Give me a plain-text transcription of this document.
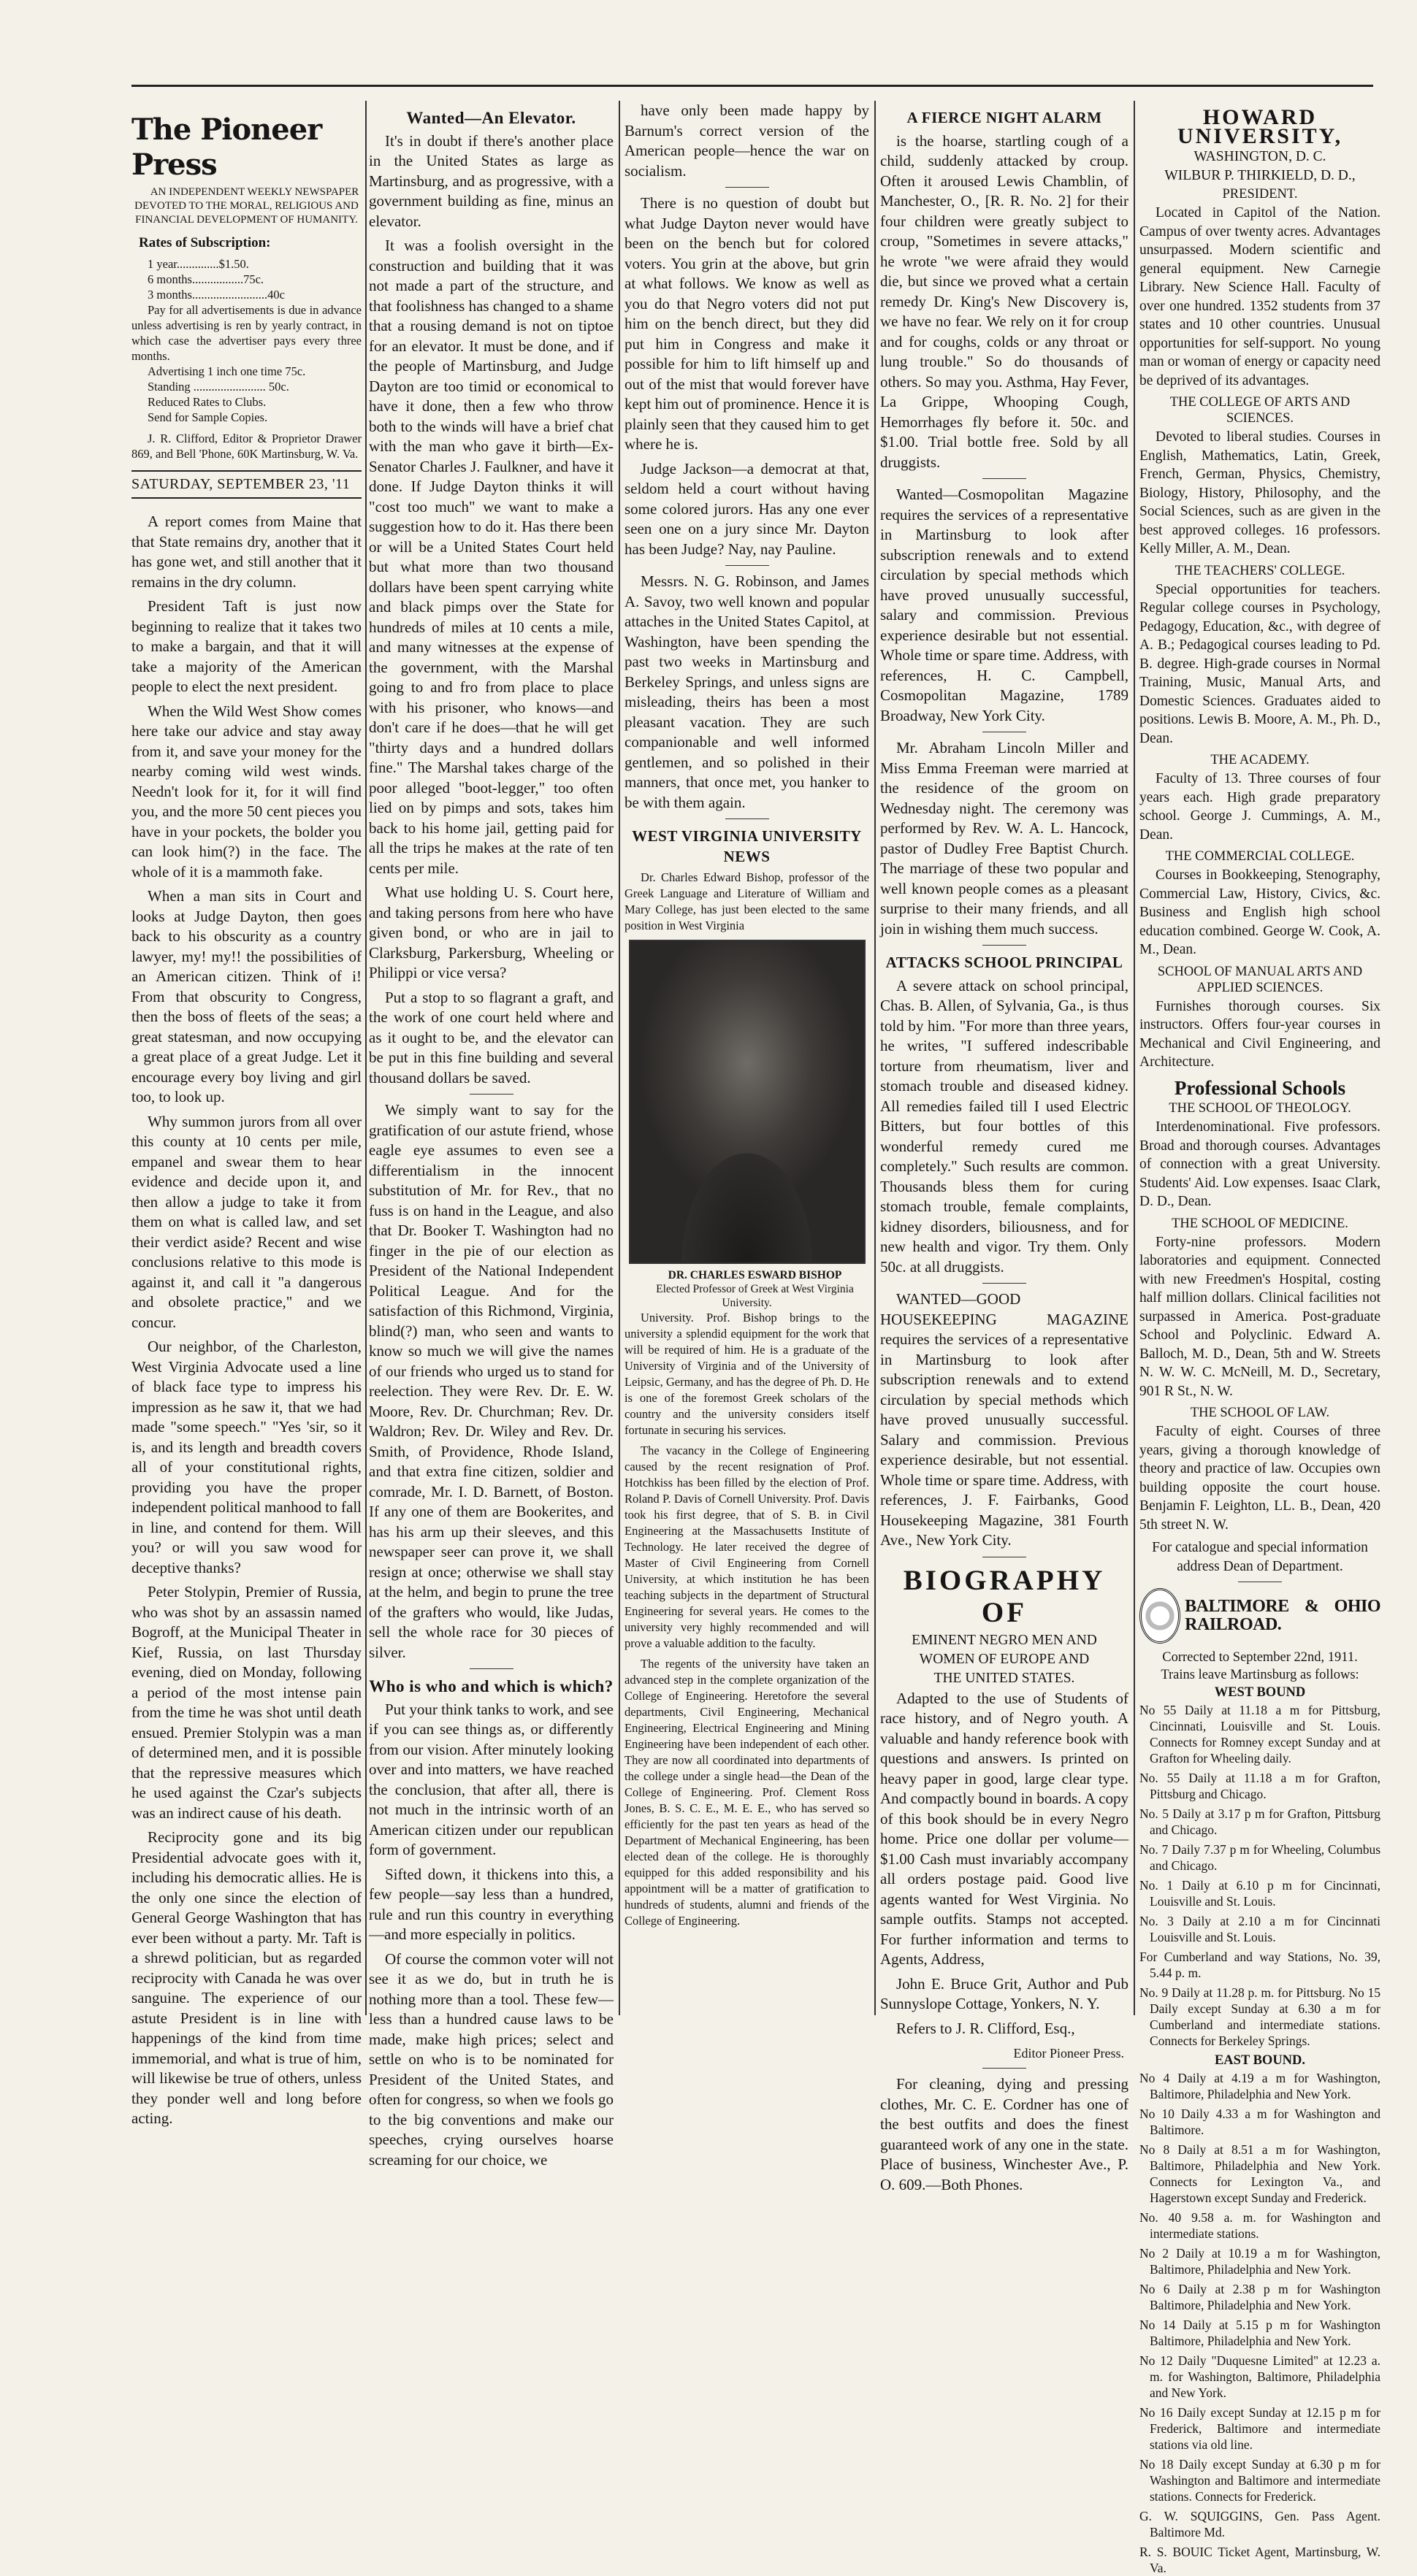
The Pioneer Press

AN INDEPENDENT WEEKLY NEWSPAPER DEVOTED TO THE MORAL, RELIGIOUS AND FINANCIAL DEVELOPMENT OF HUMANITY.

Rates of Subscription:

1 year..............$1.50.

6 months.................75c.

3 months.........................40c

Pay for all advertisements is due in advance unless advertising is ren by yearly contract, in which case the advertiser pays every three months.

Advertising 1 inch one time 75c.

Standing ........................ 50c.

Reduced Rates to Clubs.

Send for Sample Copies.

J. R. Clifford, Editor & Proprietor Drawer 869, and Bell 'Phone, 60K Martinsburg, W. Va.

SATURDAY, SEPTEMBER 23, '11

A report comes from Maine that that State remains dry, another that it has gone wet, and still another that it remains in the dry column.

President Taft is just now beginning to realize that it takes two to make a bargain, and that it will take a majority of the American people to elect the next president.

When the Wild West Show comes here take our advice and stay away from it, and save your money for the nearby coming wild west winds. Needn't look for it, for it will find you, and the more 50 cent pieces you have in your pockets, the bolder you can look him(?) in the face. The whole of it is a mammoth fake.

When a man sits in Court and looks at Judge Dayton, then goes back to his obscurity as a country lawyer, my! my!! the possibilities of an American citizen. Think of i! From that obscurity to Congress, then the boss of fleets of the seas; a great statesman, and now occupying a great place of a great Judge. Let it encourage every boy living and girl too, to look up.

Why summon jurors from all over this county at 10 cents per mile, empanel and swear them to hear evidence and decide upon it, and then allow a judge to take it from them on what is called law, and set their verdict aside? Recent and wise conclusions relative to this mode is against it, and call it "a dangerous and obsolete practice," and we concur.

Our neighbor, of the Charleston, West Virginia Advocate used a line of black face type to impress his impression as he saw it, that we had made "some speech." "Yes 'sir, so it is, and its length and breadth covers all of your constitutional rights, providing you have the proper independent political manhood to fall in line, and contend for them. Will you? or will you saw wood for deceptive thanks?

Peter Stolypin, Premier of Russia, who was shot by an assassin named Bogroff, at the Municipal Theater in Kief, Russia, on last Thursday evening, died on Monday, following a period of the most intense pain from the time he was shot until death ensued. Premier Stolypin was a man of determined men, and it is possible that the repressive measures which he used against the Czar's subjects was an indirect cause of his death.

Reciprocity gone and its big Presidential advocate goes with it, including his democratic allies. He is the only one since the election of General George Washington that has ever been without a party. Mr. Taft is a shrewd politician, but as regarded reciprocity with Canada he was over sanguine. The experience of our astute President is in line with happenings of the kind from time immemorial, and what is true of him, will likewise be true of others, unless they ponder well and long before acting.

Wanted—An Elevator.

It's in doubt if there's another place in the United States as large as Martinsburg, and as progressive, with a government building as fine, minus an elevator.

It was a foolish oversight in the construction and building that it was not made a part of the structure, and that foolishness has changed to a shame that a rousing demand is not on tiptoe for an elevator. It must be done, and if the people of Martinsburg, and Judge Dayton are too timid or economical to have it done, then a few who throw both to the winds will have a brief chat with the man who gave it birth—Ex-Senator Charles J. Faulkner, and have it done. If Judge Dayton thinks it will "cost too much" we want to make a suggestion how to do it. Has there been or will be a United States Court held but what more than two thousand dollars have been spent carrying white and black pimps over the State for hundreds of miles at 10 cents a mile, and many witnesses at the expense of the government, with the Marshal going to and fro from place to place with his prisoner, who knows—and don't care if he does—that he will get "thirty days and a hundred dollars fine." The Marshal takes charge of the poor alleged "boot-legger," too often lied on by pimps and sots, takes him back to his home jail, getting paid for all the trips he makes at the rate of ten cents per mile.

What use holding U. S. Court here, and taking persons from here who have given bond, or who are in jail to Clarksburg, Parkersburg, Wheeling or Philippi or vice versa?

Put a stop to so flagrant a graft, and the work of one court held where and as it ought to be, and the elevator can be put in this fine building and several thousand dollars be saved.

We simply want to say for the gratification of our astute friend, whose eagle eye assumes to even see a differentialism in the innocent substitution of Mr. for Rev., that no fuss is on hand in the League, and also that Dr. Booker T. Washington had no finger in the pie of our election as President of the National Independent Political League. And for the satisfaction of this Richmond, Virginia, blind(?) man, who seen and wants to know so much we will give the names of our friends who urged us to stand for reelection. They were Rev. Dr. E. W. Moore, Rev. Dr. Churchman; Rev. Dr. Waldron; Rev. Dr. Wiley and Rev. Dr. Smith, of Providence, Rhode Island, and that extra fine citizen, soldier and comrade, Mr. I. D. Barnett, of Boston. If any one of them are Bookerites, and has his arm up their sleeves, and this newspaper seer can prove it, we shall resign at once; otherwise we shall stay at the helm, and begin to prune the tree of the grafters who would, like Judas, sell the whole race for 30 pieces of silver.

Who is who and which is which?

Put your think tanks to work, and see if you can see things as, or differently from our vision. After minutely looking over and into matters, we have reached the conclusion, that after all, there is not much in the intrinsic worth of an American citizen under our republican form of government.

Sifted down, it thickens into this, a few people—say less than a hundred, rule and run this country in everything—and more especially in politics.

Of course the common voter will not see it as we do, but in truth he is nothing more than a tool. These few—less than a hundred cause laws to be made, make high prices; select and settle on who is to be nominated for President of the United States, and often for congress, so when we fools go to the big conventions and make our speeches, crying ourselves hoarse screaming for our choice, we

have only been made happy by Barnum's correct version of the American people—hence the war on socialism.

There is no question of doubt but what Judge Dayton never would have been on the bench but for colored voters. You grin at the above, but grin at what follows. We know as well as you do that Negro voters did not put him on the bench direct, but they did put him in Congress and make it possible for him to lift himself up and out of the mist that would forever have kept him out of prominence. Hence it is plainly seen that they caused him to get where he is.

Judge Jackson—a democrat at that, seldom held a court without having some colored jurors. Has any one ever seen one on a jury since Mr. Dayton has been Judge? Nay, nay Pauline.

Messrs. N. G. Robinson, and James A. Savoy, two well known and popular attaches in the United States Capitol, at Washington, have been spending the past two weeks in Martinsburg and Berkeley Springs, and unless signs are misleading, theirs has been a most pleasant vacation. They are such companionable and well informed gentlemen, and so polished in their manners, that once met, you hanker to be with them again.

WEST VIRGINIA UNIVERSITY NEWS

Dr. Charles Edward Bishop, professor of the Greek Language and Literature of William and Mary College, has just been elected to the same position in West Virginia

DR. CHARLES ESWARD BISHOP

Elected Professor of Greek at West Virginia University.

University. Prof. Bishop brings to the university a splendid equipment for the work that will be required of him. He is a graduate of the University of Virginia and of the University of Leipsic, Germany, and has the degree of Ph. D. He is one of the foremost Greek scholars of the country and the university considers itself fortunate in securing his services.

The vacancy in the College of Engineering caused by the recent resignation of Prof. Hotchkiss has been filled by the election of Prof. Roland P. Davis of Cornell University. Prof. Davis took his first degree, that of S. B. in Civil Engineering at the Massachusetts Institute of Technology. He later received the degree of Master of Civil Engineering from Cornell University, at which institution he has been teaching subjects in the department of Structural Engineering for several years. He comes to the university very highly recommended and will prove a valuable addition to the faculty.

The regents of the university have taken an advanced step in the complete organization of the College of Engineering. Heretofore the several departments, Civil Engineering, Mechanical Engineering, Electrical Engineering and Mining Engineering have been independent of each other. They are now all coordinated into departments of the college under a single head—the Dean of the College of Engineering. Prof. Clement Ross Jones, B. S. C. E., M. E. E., who has served so efficiently for the past ten years as head of the Department of Mechanical Engineering, has been elected dean of the college. He is thoroughly equipped for this added responsibility and his appointment will be a matter of gratification to hundreds of students, alumni and friends of the College of Engineering.

A FIERCE NIGHT ALARM

is the hoarse, startling cough of a child, suddenly attacked by croup. Often it aroused Lewis Chamblin, of Manchester, O., [R. R. No. 2] for their four children were greatly subject to croup, "Sometimes in severe attacks," he wrote "we were afraid they would die, but since we proved what a certain remedy Dr. King's New Discovery is, we have no fear. We rely on it for croup and for coughs, colds or any throat or lung trouble." So do thousands of others. So may you. Asthma, Hay Fever, La Grippe, Whooping Cough, Hemorrhages fly before it. 50c. and $1.00. Trial bottle free. Sold by all druggists.

Wanted—Cosmopolitan Magazine requires the services of a representative in Martinsburg to look after subscription renewals and to extend circulation by special methods which have proved unusually successful, salary and commission. Previous experience desirable but not essential. Whole time or spare time. Address, with references, H. C. Campbell, Cosmopolitan Magazine, 1789 Broadway, New York City.

Mr. Abraham Lincoln Miller and Miss Emma Freeman were married at the residence of the groom on Wednesday night. The ceremony was performed by Rev. W. A. L. Hancock, pastor of Dudley Free Baptist Church. The marriage of these two popular and well known people comes as a pleasant surprise to their many friends, and all join in wishing them much success.

ATTACKS SCHOOL PRINCIPAL

A severe attack on school principal, Chas. B. Allen, of Sylvania, Ga., is thus told by him. "For more than three years, he writes, "I suffered indescribable torture from rheumatism, liver and stomach trouble and diseased kidney. All remedies failed till I used Electric Bitters, but four bottles of this wonderful remedy cured me completely." Such results are common. Thousands bless them for curing stomach trouble, female complaints, kidney disorders, biliousness, and for new health and vigor. Try them. Only 50c. at all druggists.

WANTED—GOOD HOUSEKEEPING MAGAZINE requires the services of a representative in Martinsburg to look after subscription renewals and to extend circulation by special methods which have proved unusually successful. Salary and commission. Previous experience desirable, but not essential. Whole time or spare time. Address, with references, J. F. Fairbanks, Good Housekeeping Magazine, 381 Fourth Ave., New York City.

BIOGRAPHY OF
EMINENT NEGRO MEN AND
WOMEN OF EUROPE AND
THE UNITED STATES.

Adapted to the use of Students of race history, and of Negro youth. A valuable and handy reference book with questions and answers. Is printed on heavy paper in good, large clear type. And compactly bound in boards. A copy of this book should be in every Negro home. Price one dollar per volume—$1.00 Cash must invariably accompany all orders postage paid. Good live agents wanted for West Virginia. No sample outfits. Stamps not accepted. For further information and terms to Agents, Address,

John E. Bruce Grit, Author and Pub Sunnyslope Cottage, Yonkers, N. Y.

Refers to J. R. Clifford, Esq.,

Editor Pioneer Press.

For cleaning, dying and pressing clothes, Mr. C. E. Cordner has one of the best outfits and does the finest guaranteed work of any one in the state. Place of business, Winchester Ave., P. O. 609.—Both Phones.

HOWARD UNIVERSITY,
WASHINGTON, D. C.
WILBUR P. THIRKIELD, D. D.,
PRESIDENT.

Located in Capitol of the Nation. Campus of over twenty acres. Advantages unsurpassed. Modern scientific and general equipment. New Carnegie Library. New Science Hall. Faculty of over one hundred. 1352 students from 37 states and 10 other countries. Unusual opportunities for self-support. No young man or woman of energy or capacity need be deprived of its advantages.

THE COLLEGE OF ARTS AND SCIENCES.

Devoted to liberal studies. Courses in English, Mathematics, Latin, Greek, French, German, Physics, Chemistry, Biology, History, Philosophy, and the Social Sciences, such as are given in the best approved colleges. 16 professors. Kelly Miller, A. M., Dean.

THE TEACHERS' COLLEGE.

Special opportunities for teachers. Regular college courses in Psychology, Pedagogy, Education, &c., with degree of A. B.; Pedagogical courses leading to Pd. B. degree. High-grade courses in Normal Training, Music, Manual Arts, and Domestic Sciences. Graduates aided to positions. Lewis B. Moore, A. M., Ph. D., Dean.

THE ACADEMY.

Faculty of 13. Three courses of four years each. High grade preparatory school. George J. Cummings, A. M., Dean.

THE COMMERCIAL COLLEGE.

Courses in Bookkeeping, Stenography, Commercial Law, History, Civics, &c. Business and English high school education combined. George W. Cook, A. M., Dean.

SCHOOL OF MANUAL ARTS AND APPLIED SCIENCES.

Furnishes thorough courses. Six instructors. Offers four-year courses in Mechanical and Civil Engineering, and Architecture.

Professional Schools
THE SCHOOL OF THEOLOGY.

Interdenominational. Five professors. Broad and thorough courses. Advantages of connection with a great University. Students' Aid. Low expenses. Isaac Clark, D. D., Dean.

THE SCHOOL OF MEDICINE.

Forty-nine professors. Modern laboratories and equipment. Connected with new Freedmen's Hospital, costing half million dollars. Clinical facilities not surpassed in America. Post-graduate School and Polyclinic. Edward A. Balloch, M. D., Dean, 5th and W. Streets N. W. W. C. McNeill, M. D., Secretary, 901 R St., N. W.

THE SCHOOL OF LAW.

Faculty of eight. Courses of three years, giving a thorough knowledge of theory and practice of law. Occupies own building opposite the court house. Benjamin F. Leighton, LL. B., Dean, 420 5th street N. W.

For catalogue and special information address Dean of Department.

BALTIMORE & OHIO RAILROAD.
Corrected to September 22nd, 1911.
Trains leave Martinsburg as follows:
WEST BOUND

No 55 Daily at 11.18 a m for Pittsburg, Cincinnati, Louisville and St. Louis. Connects for Romney except Sunday and at Grafton for Wheeling daily.

No. 55 Daily at 11.18 a m for Grafton, Pittsburg and Chicago.

No. 5 Daily at 3.17 p m for Grafton, Pittsburg and Chicago.

No. 7 Daily 7.37 p m for Wheeling, Columbus and Chicago.

No. 1 Daily at 6.10 p m for Cincinnati, Louisville and St. Louis.

No. 3 Daily at 2.10 a m for Cincinnati Louisville and St. Louis.

For Cumberland and way Stations, No. 39, 5.44 p. m.

No. 9 Daily at 11.28 p. m. for Pittsburg. No 15 Daily except Sunday at 6.30 a m for Cumberland and intermediate stations. Connects for Berkeley Springs.

EAST BOUND.

No 4 Daily at 4.19 a m for Washington, Baltimore, Philadelphia and New York.

No 10 Daily 4.33 a m for Washington and Baltimore.

No 8 Daily at 8.51 a m for Washington, Baltimore, Philadelphia and New York. Connects for Lexington Va., and Hagerstown except Sunday and Frederick.

No. 40 9.58 a. m. for Washington and intermediate stations.

No 2 Daily at 10.19 a m for Washington, Baltimore, Philadelphia and New York.

No 6 Daily at 2.38 p m for Washington Baltimore, Philadelphia and New York.

No 14 Daily at 5.15 p m for Washington Baltimore, Philadelphia and New York.

No 12 Daily "Duquesne Limited" at 12.23 a. m. for Washington, Baltimore, Philadelphia and New York.

No 16 Daily except Sunday at 12.15 p m for Frederick, Baltimore and intermediate stations via old line.

No 18 Daily except Sunday at 6.30 p m for Washington and Baltimore and intermediate stations. Connects for Frederick.

G. W. SQUIGGINS, Gen. Pass Agent. Baltimore Md.

R. S. BOUIC Ticket Agent, Martinsburg, W. Va.
